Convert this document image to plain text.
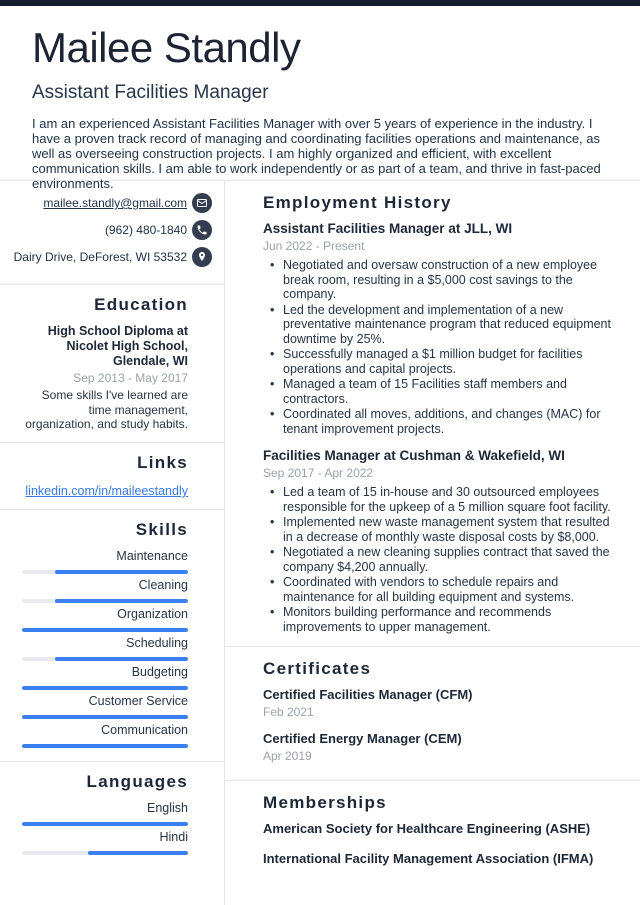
Mailee Standly
Assistant Facilities Manager

I am an experienced Assistant Facilities Manager with over 5 years of experience in the industry. I have a proven track record of managing and coordinating facilities operations and maintenance, as well as overseeing construction projects. I am highly organized and efficient, with excellent communication skills. I am able to work independently or as part of a team, and thrive in fast-paced environments.

mailee.standly@gmail.com
(962) 480-1840
Dairy Drive, DeForest, WI 53532
Education
High School Diploma at Nicolet High School, Glendale, WI
Sep 2013 - May 2017
Some skills I've learned are time management, organization, and study habits.
Links
linkedin.com/in/maileestandly
Skills
Maintenance
Cleaning
Organization
Scheduling
Budgeting
Customer Service
Communication
Languages
English
Hindi
Employment History
Assistant Facilities Manager at JLL, WI
Jun 2022 - Present
• Negotiated and oversaw construction of a new employee break room, resulting in a $5,000 cost savings to the company.
• Led the development and implementation of a new preventative maintenance program that reduced equipment downtime by 25%.
• Successfully managed a $1 million budget for facilities operations and capital projects.
• Managed a team of 15 Facilities staff members and contractors.
• Coordinated all moves, additions, and changes (MAC) for tenant improvement projects.
Facilities Manager at Cushman & Wakefield, WI
Sep 2017 - Apr 2022
• Led a team of 15 in-house and 30 outsourced employees responsible for the upkeep of a 5 million square foot facility.
• Implemented new waste management system that resulted in a decrease of monthly waste disposal costs by $8,000.
• Negotiated a new cleaning supplies contract that saved the company $4,200 annually.
• Coordinated with vendors to schedule repairs and maintenance for all building equipment and systems.
• Monitors building performance and recommends improvements to upper management.
Certificates
Certified Facilities Manager (CFM)
Feb 2021
Certified Energy Manager (CEM)
Apr 2019
Memberships
American Society for Healthcare Engineering (ASHE)
International Facility Management Association (IFMA)
